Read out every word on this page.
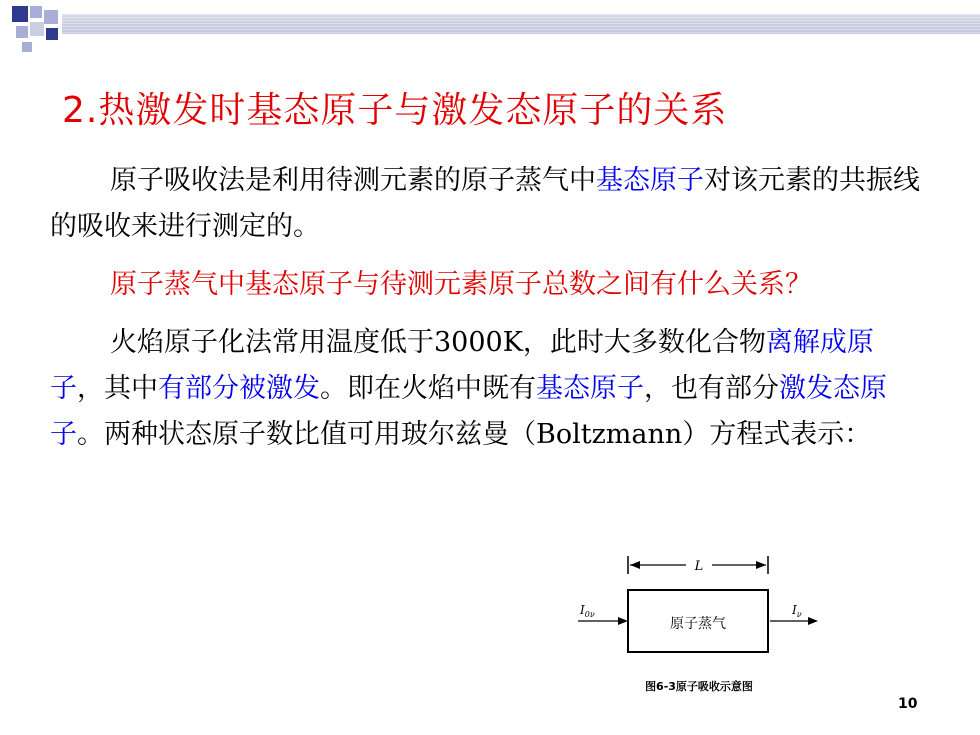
2.热激发时基态原子与激发态原子的关系

原子吸收法是利用待测元素的原子蒸气中基态原子对该元素的共振线的吸收来进行测定的。

原子蒸气中基态原子与待测元素原子总数之间有什么关系？

火焰原子化法常用温度低于3000K，此时大多数化合物离解成原子，其中有部分被激发。即在火焰中既有基态原子，也有部分激发态原子。两种状态原子数比值可用玻尔兹曼（Boltzmann）方程式表示：

L
原子蒸气
$I_{0\nu}$	$I_\nu$
图6-3原子吸收示意图
10
